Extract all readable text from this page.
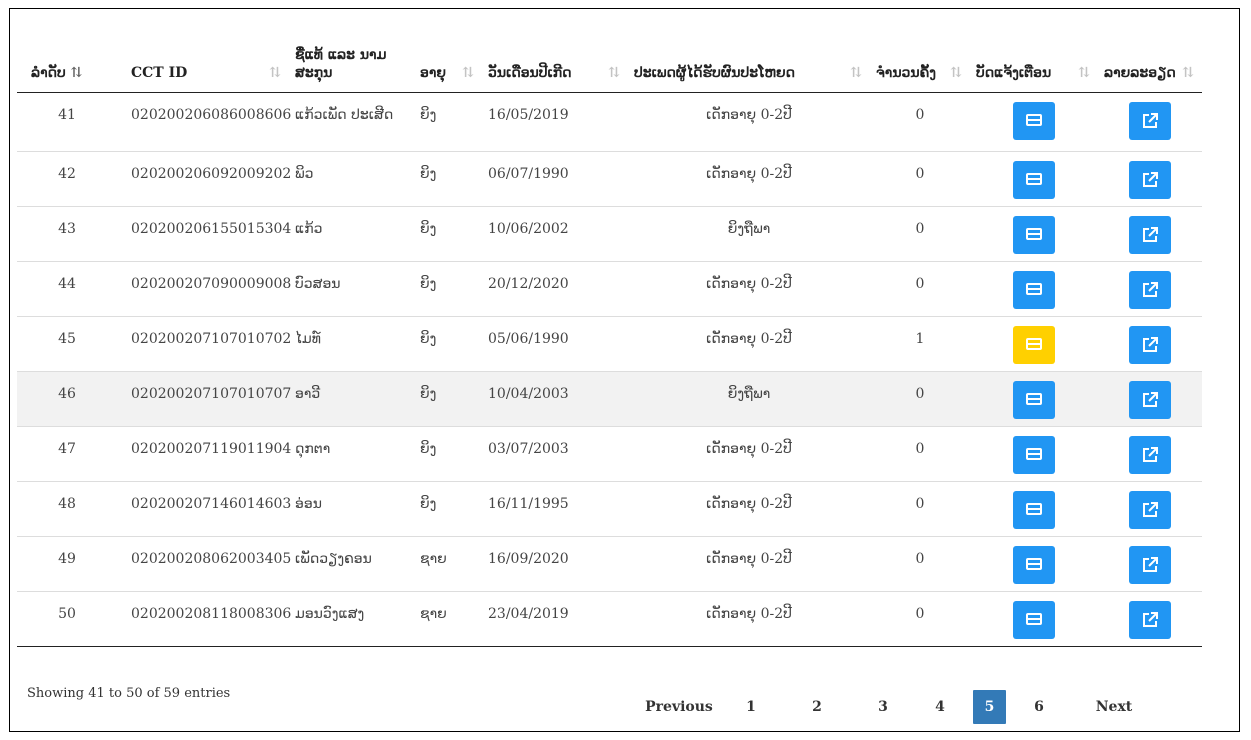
ລຳດັບ ⇅	CCT ID ⇅	ຊື່ແທ້ ແລະ ນາມສະກຸນ	ອາຍຸ ⇅	ວັນເດືອນປີເກີດ ⇅	ປະເພດຜູ້ໄດ້ຮັບຜົນປະໂຫຍດ ⇅	ຈຳນວນຄັ້ງ ⇅	ບັດແຈ້ງເຕືອນ ⇅	ລາຍລະອຽດ ⇅

41	020200206086008606	ແກ້ວເພັດ ປະເສີດ	ຍິງ	16/05/2019	ເດັກອາຍຸ 0-2ປີ	0	

42	020200206092009202	ພິວ	ຍິງ	06/07/1990	ເດັກອາຍຸ 0-2ປີ	0	

43	020200206155015304	ແກ້ວ	ຍິງ	10/06/2002	ຍິງຖືພາ	0	

44	020200207090009008	ບົວສອນ	ຍິງ	20/12/2020	ເດັກອາຍຸ 0-2ປີ	0	

45	020200207107010702	ໄມທ໌	ຍິງ	05/06/1990	ເດັກອາຍຸ 0-2ປີ	1	

46	020200207107010707	ອາວີ	ຍິງ	10/04/2003	ຍິງຖືພາ	0	

47	020200207119011904	ດຸກຕາ	ຍິງ	03/07/2003	ເດັກອາຍຸ 0-2ປີ	0	

48	020200207146014603	ອ່ອນ	ຍິງ	16/11/1995	ເດັກອາຍຸ 0-2ປີ	0	

49	020200208062003405	ເພັດວຽງຄອນ	ຊາຍ	16/09/2020	ເດັກອາຍຸ 0-2ປີ	0	

50	020200208118008306	ມອນວົງແສງ	ຊາຍ	23/04/2019	ເດັກອາຍຸ 0-2ປີ	0	

Showing 41 to 50 of 59 entries
Previous	1	2	3	4	5	6	Next
